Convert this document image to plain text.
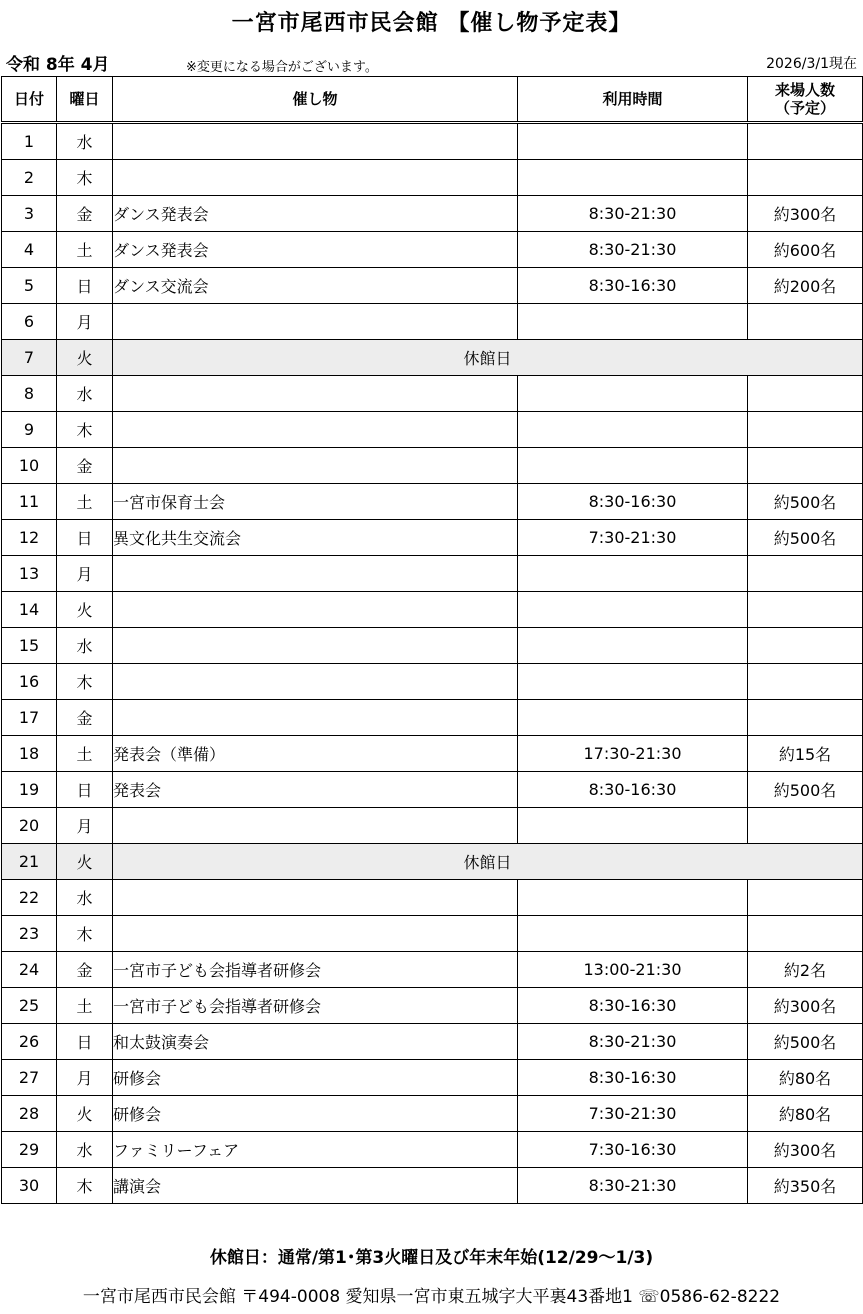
一宮市尾西市民会館 【催し物予定表】
令和 8年 4月	※変更になる場合がございます。	2026/3/1現在
日付	曜日	催し物	利用時間	来場人数
（予定）
1	水			
2	木			
3	金	ダンス発表会	8:30-21:30	約300名
4	土	ダンス発表会	8:30-21:30	約600名
5	日	ダンス交流会	8:30-16:30	約200名
6	月			
7	火	休館日		
8	水			
9	木			
10	金			
11	土	一宮市保育士会	8:30-16:30	約500名
12	日	異文化共生交流会	7:30-21:30	約500名
13	月			
14	火			
15	水			
16	木			
17	金			
18	土	発表会（準備）	17:30-21:30	約15名
19	日	発表会	8:30-16:30	約500名
20	月			
21	火	休館日		
22	水			
23	木			
24	金	一宮市子ども会指導者研修会	13:00-21:30	約2名
25	土	一宮市子ども会指導者研修会	8:30-16:30	約300名
26	日	和太鼓演奏会	8:30-21:30	約500名
27	月	研修会	8:30-16:30	約80名
28	火	研修会	7:30-21:30	約80名
29	水	ファミリーフェア	7:30-16:30	約300名
30	木	講演会	8:30-21:30	約350名
休館日：通常/第1･第3火曜日及び年末年始(12/29～1/3)
一宮市尾西市民会館 〒494-0008 愛知県一宮市東五城字大平裏43番地1 ☏0586-62-8222
